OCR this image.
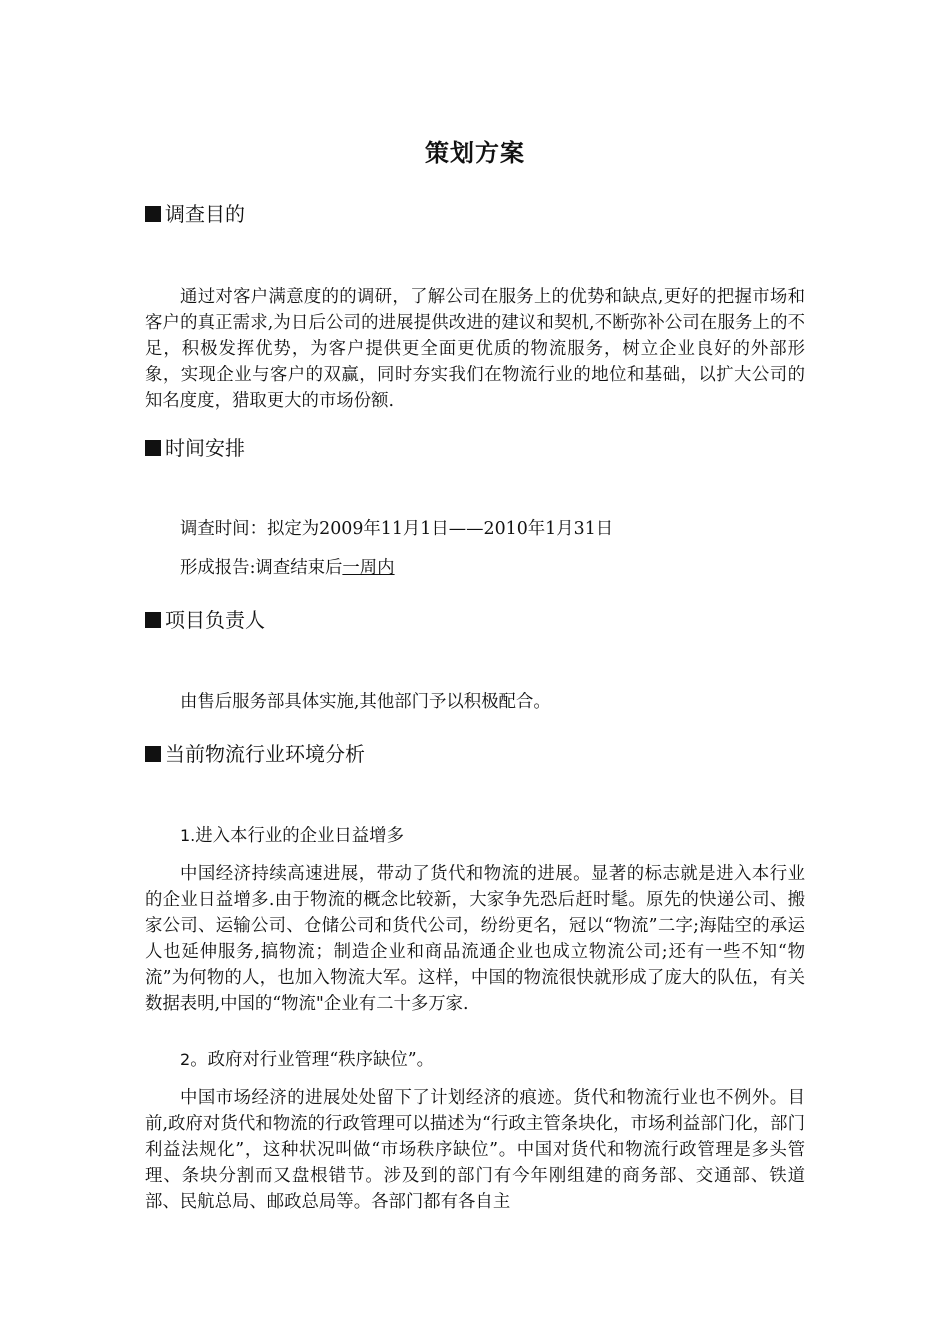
策划方案
调查目的
通过对客户满意度的的调研，了解公司在服务上的优势和缺点,更好的把握市场和客户的真正需求,为日后公司的进展提供改进的建议和契机,不断弥补公司在服务上的不足，积极发挥优势，为客户提供更全面更优质的物流服务，树立企业良好的外部形象，实现企业与客户的双赢，同时夯实我们在物流行业的地位和基础，以扩大公司的知名度度，猎取更大的市场份额.
时间安排
调查时间：拟定为2009年11月1日——2010年1月31日
形成报告:调查结束后一周内
项目负责人
由售后服务部具体实施,其他部门予以积极配合。
当前物流行业环境分析
1.进入本行业的企业日益增多
中国经济持续高速进展，带动了货代和物流的进展。显著的标志就是进入本行业的企业日益增多.由于物流的概念比较新，大家争先恐后赶时髦。原先的快递公司、搬家公司、运输公司、仓储公司和货代公司，纷纷更名，冠以“物流”二字;海陆空的承运人也延伸服务,搞物流；制造企业和商品流通企业也成立物流公司;还有一些不知“物流”为何物的人，也加入物流大军。这样，中国的物流很快就形成了庞大的队伍，有关数据表明,中国的“物流"企业有二十多万家.
2。政府对行业管理“秩序缺位”。
中国市场经济的进展处处留下了计划经济的痕迹。货代和物流行业也不例外。目前,政府对货代和物流的行政管理可以描述为“行政主管条块化，市场利益部门化，部门利益法规化”，这种状况叫做“市场秩序缺位”。中国对货代和物流行政管理是多头管理、条块分割而又盘根错节。涉及到的部门有今年刚组建的商务部、交通部、铁道部、民航总局、邮政总局等。各部门都有各自主
